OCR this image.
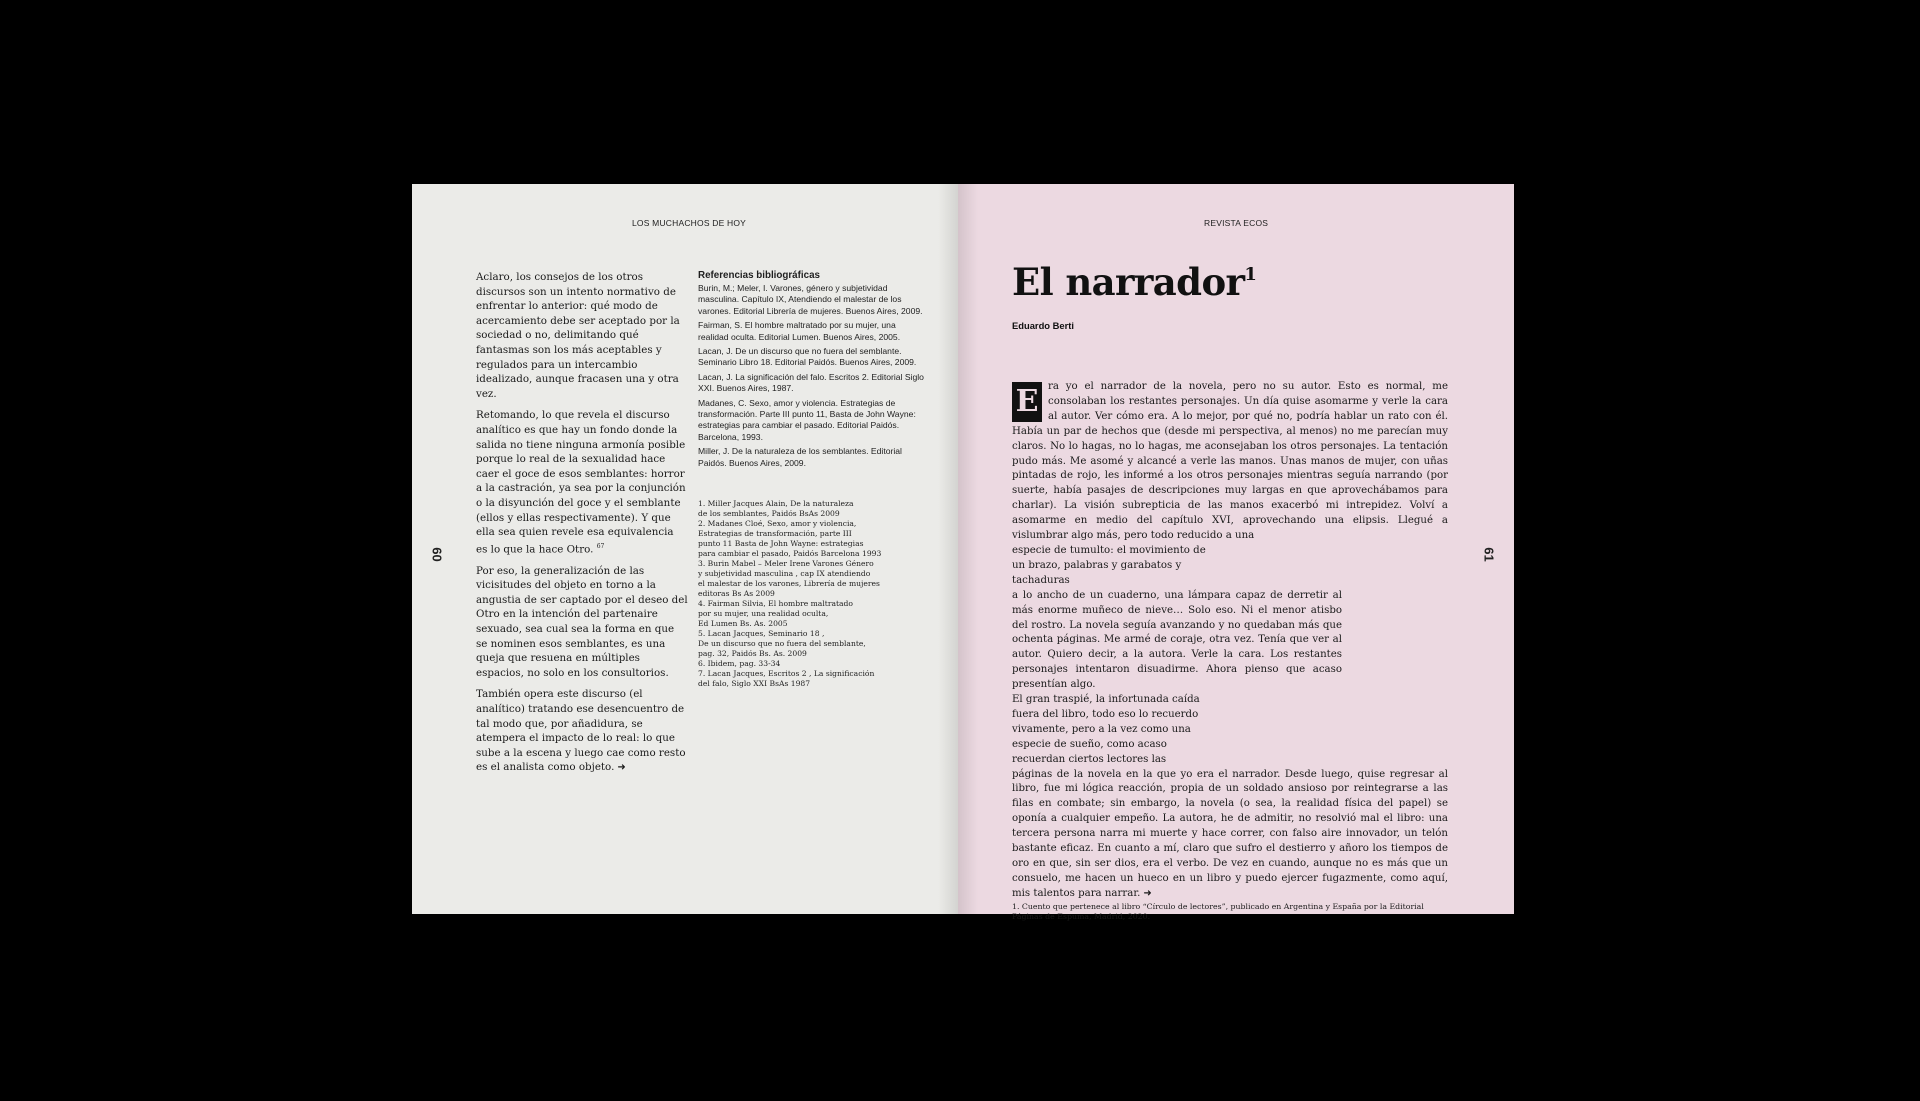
LOS MUCHACHOS DE HOY
60

Aclaro, los consejos de los otros discursos son un intento normativo de enfrentar lo anterior: qué modo de acercamiento debe ser aceptado por la sociedad o no, delimitando qué fantasmas son los más aceptables y regulados para un intercambio idealizado, aunque fracasen una y otra vez.

Retomando, lo que revela el discurso analítico es que hay un fondo donde la salida no tiene ninguna armonía posible porque lo real de la sexualidad hace caer el goce de esos semblantes: horror a la castración, ya sea por la conjunción o la disyunción del goce y el semblante (ellos y ellas respectivamente). Y que ella sea quien revele esa equivalencia es lo que la hace Otro. $^{67}$

Por eso, la generalización de las vicisitudes del objeto en torno a la angustia de ser captado por el deseo del Otro en la intención del partenaire sexuado, sea cual sea la forma en que se nominen esos semblantes, es una queja que resuena en múltiples espacios, no solo en los consultorios.

También opera este discurso (el analítico) tratando ese desencuentro de tal modo que, por añadidura, se atempera el impacto de lo real: lo que sube a la escena y luego cae como resto es el analista como objeto. ➜

Referencias bibliográficas

Burin, M.; Meler, I. Varones, género y subjetividad masculina. Capítulo IX, Atendiendo el malestar de los varones. Editorial Librería de mujeres. Buenos Aires, 2009.

Fairman, S. El hombre maltratado por su mujer, una realidad oculta. Editorial Lumen. Buenos Aires, 2005.

Lacan, J. De un discurso que no fuera del semblante. Seminario Libro 18. Editorial Paidós. Buenos Aires, 2009.

Lacan, J. La significación del falo. Escritos 2. Editorial Siglo XXI. Buenos Aires, 1987.

Madanes, C. Sexo, amor y violencia. Estrategias de transformación. Parte III punto 11, Basta de John Wayne: estrategias para cambiar el pasado. Editorial Paidós. Barcelona, 1993.

Miller, J. De la naturaleza de los semblantes. Editorial Paidós. Buenos Aires, 2009.

1. Miller Jacques Alain, De la naturaleza

de los semblantes, Paidós BsAs 2009

2. Madanes Cloé, Sexo, amor y violencia,

Estrategias de transformación, parte III

punto 11 Basta de John Wayne: estrategias

para cambiar el pasado, Paidós Barcelona 1993

3. Burin Mabel – Meler Irene Varones Género

y subjetividad masculina , cap IX atendiendo

el malestar de los varones, Librería de mujeres

editoras Bs As 2009

4. Fairman Silvia, El hombre maltratado

por su mujer, una realidad oculta,

Ed Lumen Bs. As. 2005

5. Lacan Jacques, Seminario 18 ,

De un discurso que no fuera del semblante,

pag. 32, Paidós Bs. As. 2009

6. Ibidem, pag. 33-34

7. Lacan Jacques, Escritos 2 , La significación

del falo, Siglo XXI BsAs 1987

REVISTA ECOS
61
El narrador$^1$
Eduardo Berti

E ra yo el narrador de la novela, pero no su autor. Esto es normal, me consolaban los restantes personajes. Un día quise asomarme y verle la cara al autor. Ver cómo era. A lo mejor, por qué no, podría hablar un rato con él. Había un par de hechos que (desde mi perspectiva, al menos) no me parecían muy claros. No lo hagas, no lo hagas, me aconsejaban los otros personajes. La tentación pudo más. Me asomé y alcancé a verle las manos. Unas manos de mujer, con uñas pintadas de rojo, les informé a los otros personajes mientras seguía narrando (por suerte, había pasajes de descripciones muy largas en que aprovechábamos para charlar). La visión subrepticia de las manos exacerbó mi intrepidez. Volví a asomarme en medio del capítulo XVI, aprovechando una elipsis. Llegué a vislumbrar algo más, pero todo reducido a una

especie de tumulto: el movimiento de un brazo, palabras y garabatos y tachaduras

a lo ancho de un cuaderno, una lámpara capaz de derretir al más enorme muñeco de nieve… Solo eso. Ni el menor atisbo del rostro. La novela seguía avanzando y no quedaban más que ochenta páginas. Me armé de coraje, otra vez. Tenía que ver al autor. Quiero decir, a la autora. Verle la cara. Los restantes personajes intentaron disuadirme. Ahora pienso que acaso presentían algo.

El gran traspié, la infortunada caída fuera del libro, todo eso lo recuerdo vivamente, pero a la vez como una especie de sueño, como acaso recuerdan ciertos lectores las

páginas de la novela en la que yo era el narrador. Desde luego, quise regresar al libro, fue mi lógica reacción, propia de un soldado ansioso por reintegrarse a las filas en combate; sin embargo, la novela (o sea, la realidad física del papel) se oponía a cualquier empeño. La autora, he de admitir, no resolvió mal el libro: una tercera persona narra mi muerte y hace correr, con falso aire innovador, un telón bastante eficaz. En cuanto a mí, claro que sufro el destierro y añoro los tiempos de oro en que, sin ser dios, era el verbo. De vez en cuando, aunque no es más que un consuelo, me hacen un hueco en un libro y puedo ejercer fugazmente, como aquí, mis talentos para narrar. ➜

1. Cuento que pertenece al libro “Círculo de lectores”, publicado en Argentina y España por la Editorial Páginas de Espuma, Madrid, 2020.
